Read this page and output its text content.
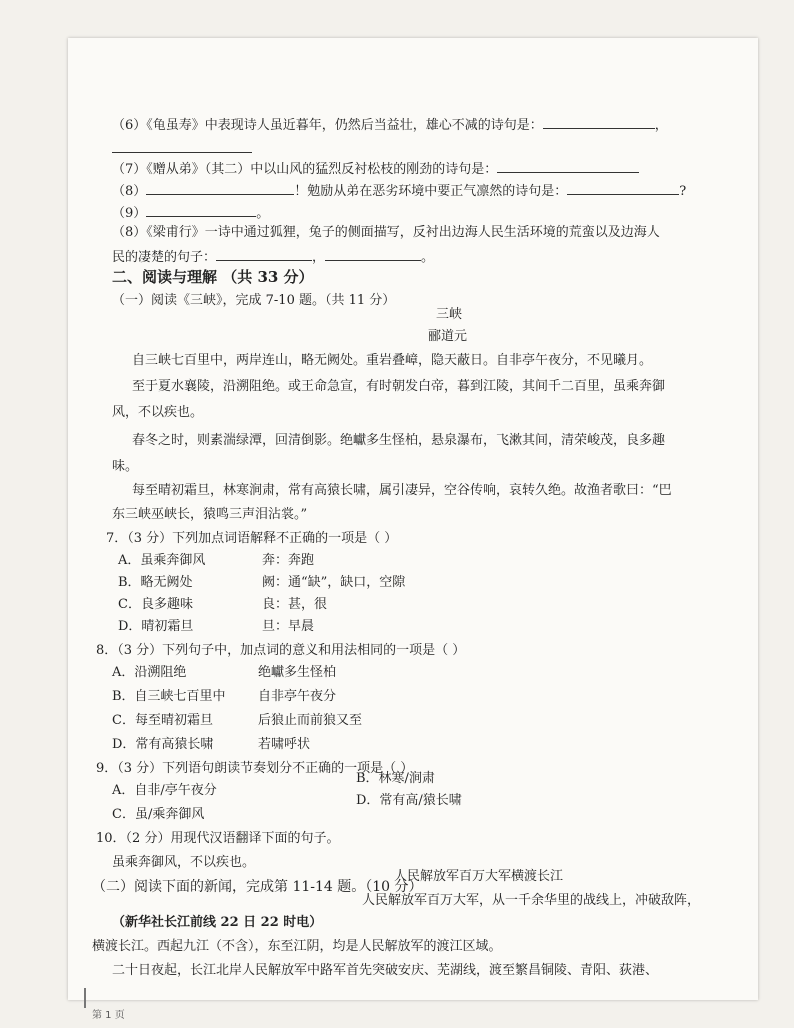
（6）《龟虽寿》中表现诗人虽近暮年，仍然后当益壮，雄心不减的诗句是：	，
（7）《赠从弟》（其二）中以山风的猛烈反衬松枝的刚劲的诗句是：
（8）	！勉励从弟在恶劣环境中要正气凛然的诗句是：	?
（9）	。
（8）《梁甫行》一诗中通过狐狸，兔子的侧面描写，反衬出边海人民生活环境的荒蛮以及边海人
民的凄楚的句子：	，	。
二、阅读与理解 （共 33 分）
（一）阅读《三峡》，完成 7-10 题。（共 11 分）
三峡
郦道元
自三峡七百里中，两岸连山，略无阙处。重岩叠嶂，隐天蔽日。自非亭午夜分，不见曦月。
至于夏水襄陵，沿溯阻绝。或王命急宣，有时朝发白帝，暮到江陵，其间千二百里，虽乘奔御
风，不以疾也。
春冬之时，则素湍绿潭，回清倒影。绝巘多生怪柏，悬泉瀑布，飞漱其间，清荣峻茂，良多趣
味。
每至晴初霜旦，林寒涧肃，常有高猿长啸，属引凄异，空谷传响，哀转久绝。故渔者歌曰：“巴
东三峡巫峡长，猿鸣三声泪沾裳。”
7．（3 分）下列加点词语解释不正确的一项是（ ）
A．虽乘奔御风	奔：奔跑
B．略无阙处	阙：通“缺”，缺口，空隙
C．良多趣味	良：甚，很
D．晴初霜旦	旦：早晨
8．（3 分）下列句子中，加点词的意义和用法相同的一项是（ ）
A．沿溯阻绝	绝巘多生怪柏
B．自三峡七百里中 自非亭午夜分
C．每至晴初霜旦	后狼止而前狼又至
D．常有高猿长啸	若啸呼状
9．（3 分）下列语句朗读节奏划分不正确的一项是（ ）
A．自非/亭午夜分
B．林寒/涧肃
C．虽/乘奔御风
D．常有高/猿长啸
10．（2 分）用现代汉语翻译下面的句子。
虽乘奔御风，不以疾也。
（二）阅读下面的新闻，完成第 11-14 题。（10 分）
人民解放军百万大军横渡长江
人民解放军百万大军，从一千余华里的战线上，冲破敌阵，
（新华社长江前线 22 日 22 时电）
横渡长江。西起九江（不含），东至江阴，均是人民解放军的渡江区域。
二十日夜起，长江北岸人民解放军中路军首先突破安庆、芜湖线，渡至繁昌铜陵、青阳、荻港、
第 1 页
